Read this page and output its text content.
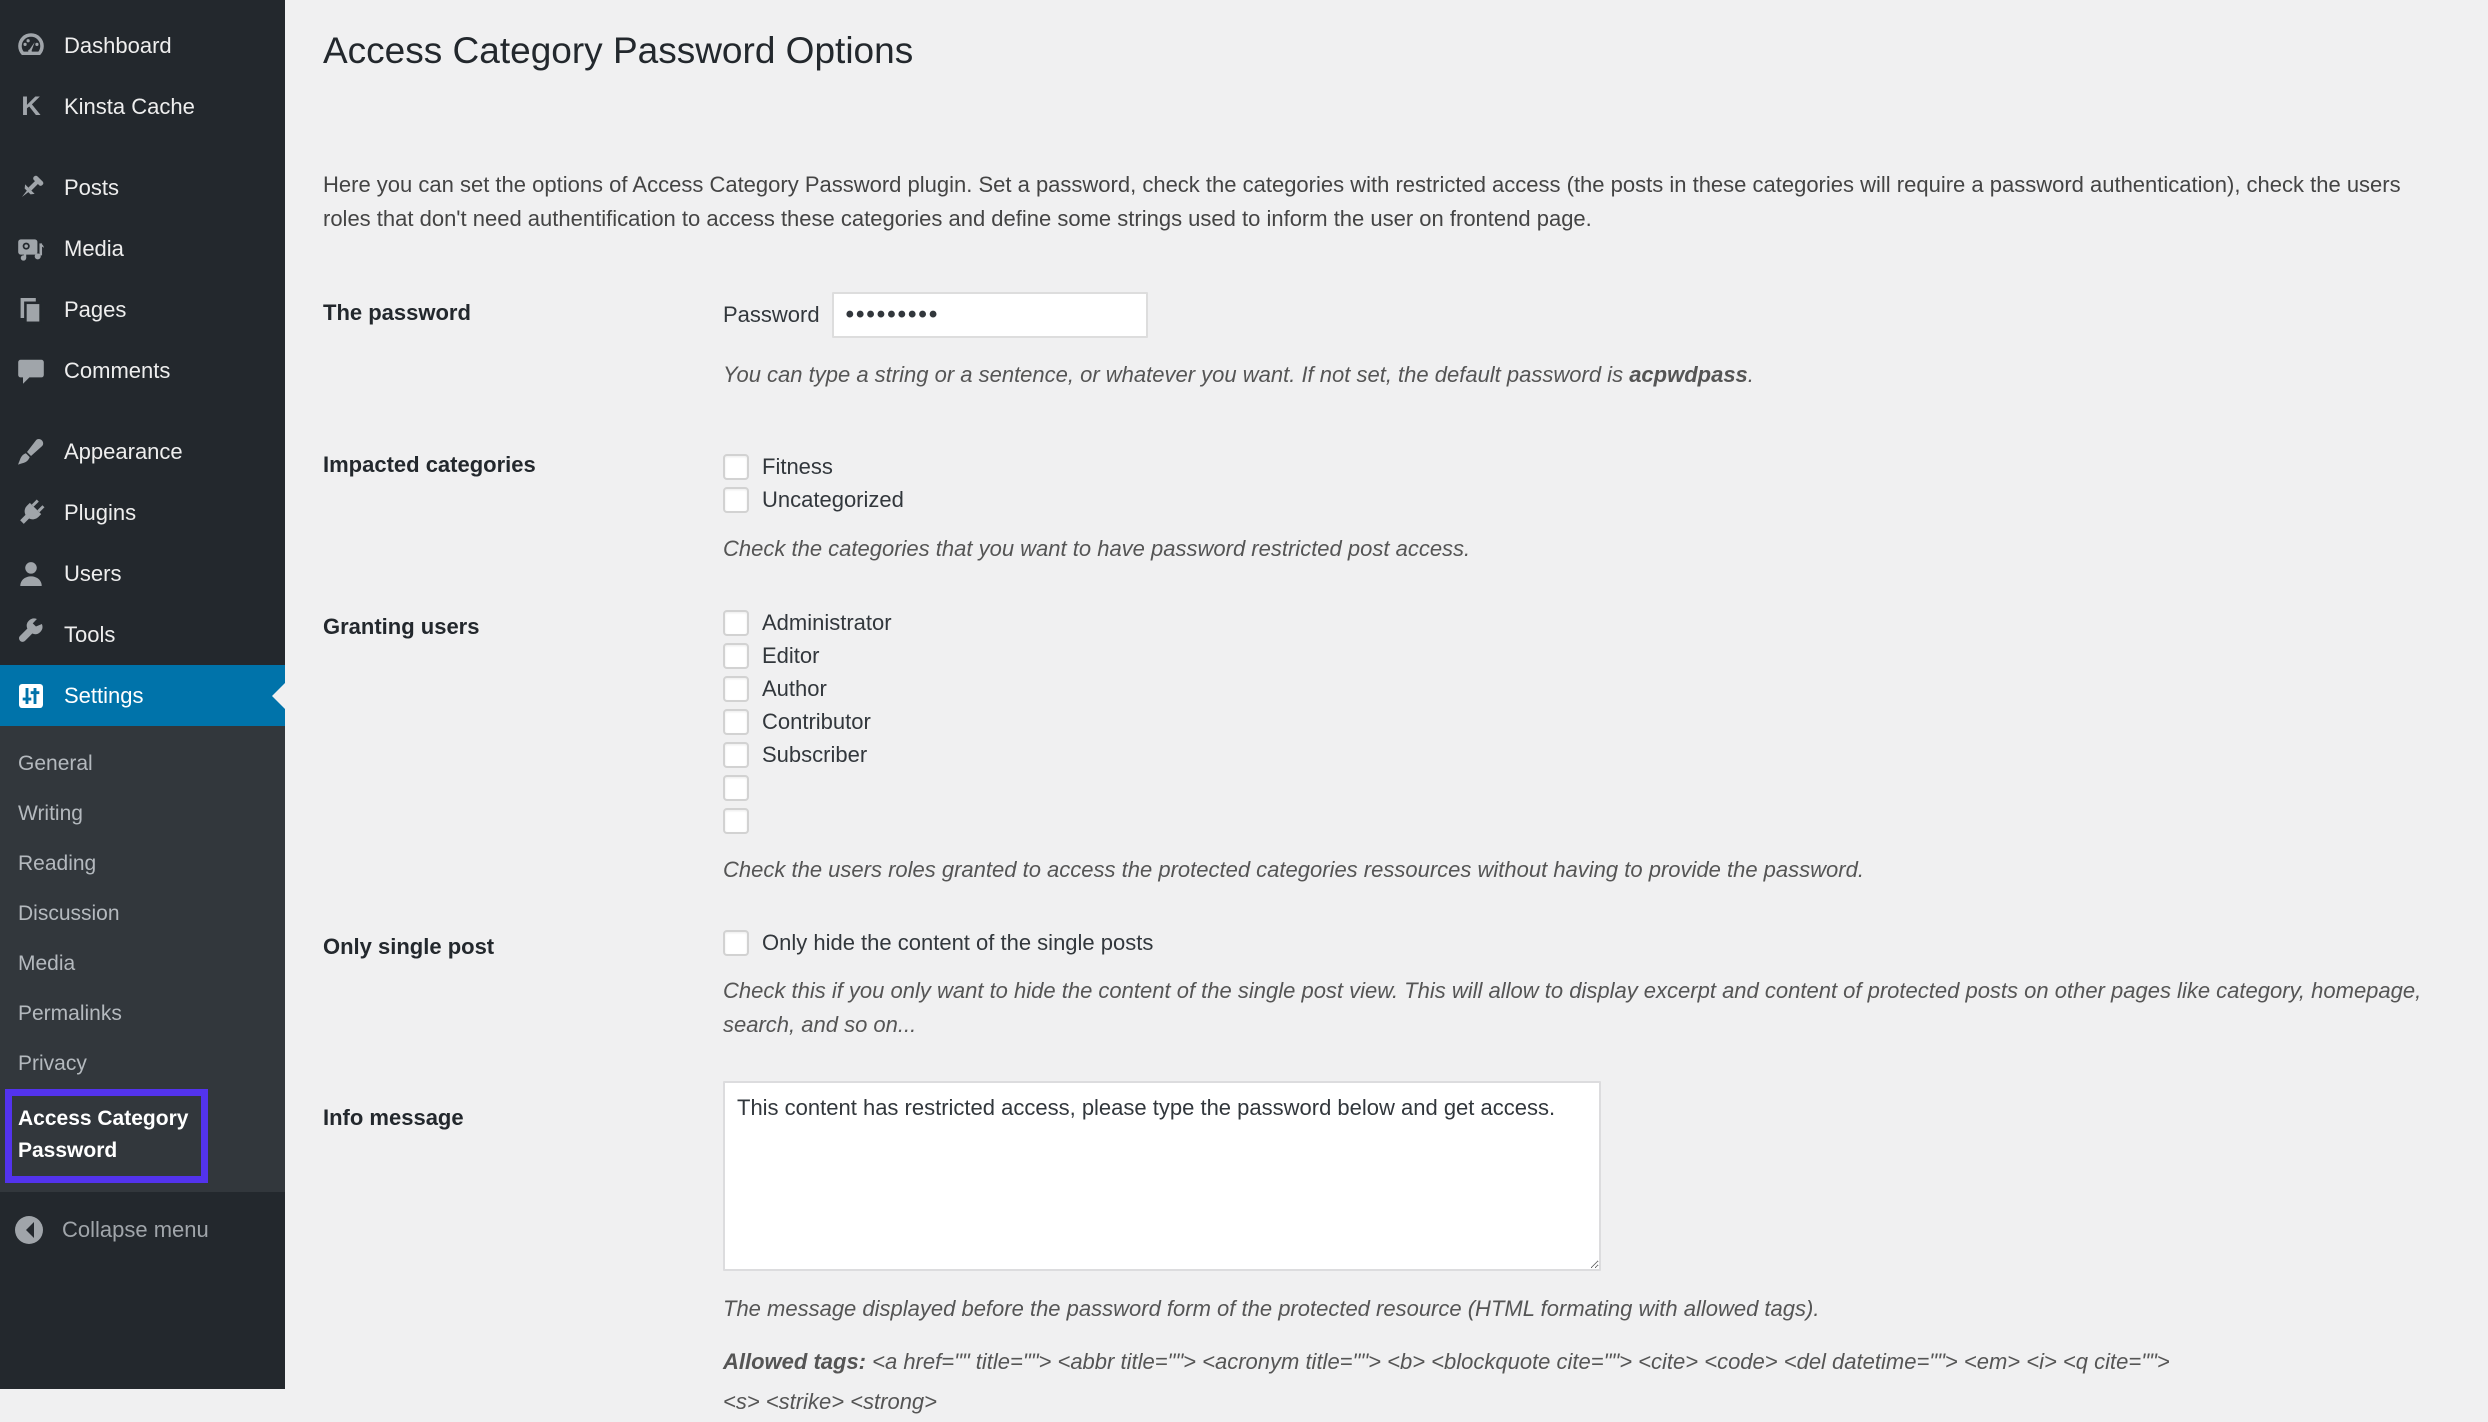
Dashboard
K Kinsta Cache
Posts
Media
Pages
Comments
Appearance
Plugins
Users
Tools
Settings
General
Writing
Reading
Discussion
Media
Permalinks
Privacy
Access Category Password
Collapse menu
Access Category Password Options

Here you can set the options of Access Category Password plugin. Set a password, check the categories with restricted access (the posts in these categories will require a password authentication), check the users roles that don't need authentification to access these categories and define some strings used to inform the user on frontend page.

The password	Password
•••••••••

You can type a string or a sentence, or whatever you want. If not set, the default password is acpwdpass.

Impacted categories	Fitness
Uncategorized

Check the categories that you want to have password restricted post access.

Granting users	Administrator
Editor
Author
Contributor
Subscriber

Check the users roles granted to access the protected categories ressources without having to provide the password.

Only single post	Only hide the content of the single posts

Check this if you only want to hide the content of the single post view. This will allow to display excerpt and content of protected posts on other pages like category, homepage, search, and so on...

Info message
This content has restricted access, please type the password below and get access.

The message displayed before the password form of the protected resource (HTML formating with allowed tags).

Allowed tags: <a href="" title=""> <abbr title=""> <acronym title=""> <b> <blockquote cite=""> <cite> <code> <del datetime=""> <em> <i> <q cite="">
<s> <strike> <strong>
